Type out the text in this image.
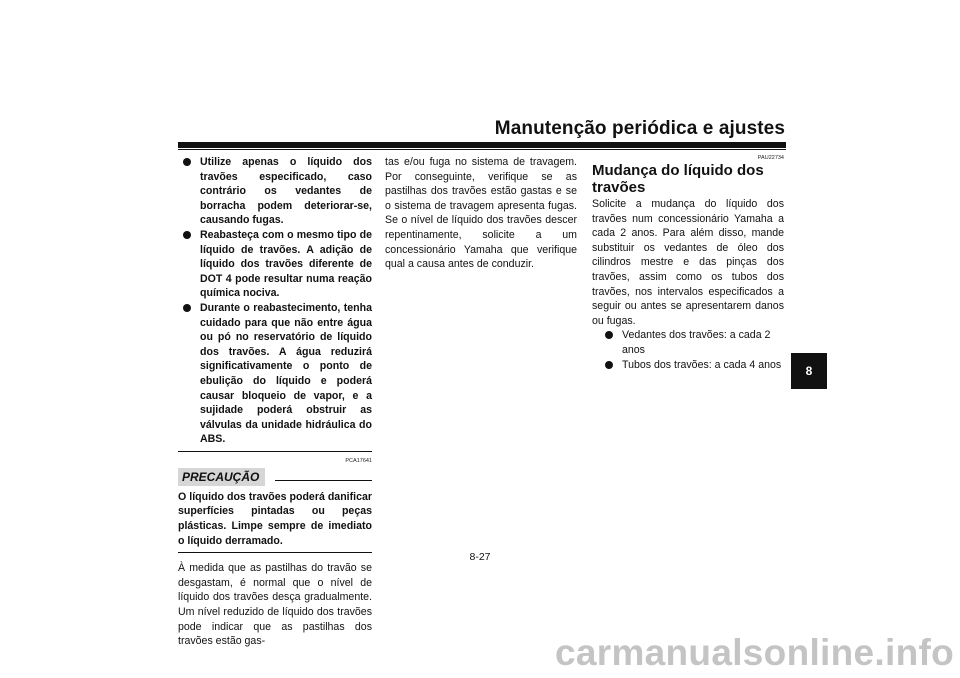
Manutenção periódica e ajustes
Utilize apenas o líquido dos travões especificado, caso contrário os vedantes de borracha podem deteriorar-se, causando fugas.
Reabasteça com o mesmo tipo de líquido de travões. A adição de líquido dos travões diferente de DOT 4 pode resultar numa reação química nociva.
Durante o reabastecimento, tenha cuidado para que não entre água ou pó no reservatório de líquido dos travões. A água reduzirá significativamente o ponto de ebulição do líquido e poderá causar bloqueio de vapor, e a sujidade poderá obstruir as válvulas da unidade hidráulica do ABS.
PCA17641
PRECAUÇÃO

O líquido dos travões poderá danificar superfícies pintadas ou peças plásticas. Limpe sempre de imediato o líquido derramado.

À medida que as pastilhas do travão se desgastam, é normal que o nível de líquido dos travões desça gradualmente. Um nível reduzido de líquido dos travões pode indicar que as pastilhas dos travões estão gas-

tas e/ou fuga no sistema de travagem. Por conseguinte, verifique se as pastilhas dos travões estão gastas e se o sistema de travagem apresenta fugas. Se o nível de líquido dos travões descer repentinamente, solicite a um concessionário Yamaha que verifique qual a causa antes de conduzir.

PAU22734
Mudança do líquido dos travões

Solicite a mudança do líquido dos travões num concessionário Yamaha a cada 2 anos. Para além disso, mande substituir os vedantes de óleo dos cilindros mestre e das pinças dos travões, assim como os tubos dos travões, nos intervalos especificados a seguir ou antes se apresentarem danos ou fugas.

Vedantes dos travões: a cada 2 anos
Tubos dos travões: a cada 4 anos 8
8-27
carmanualsonline.info
